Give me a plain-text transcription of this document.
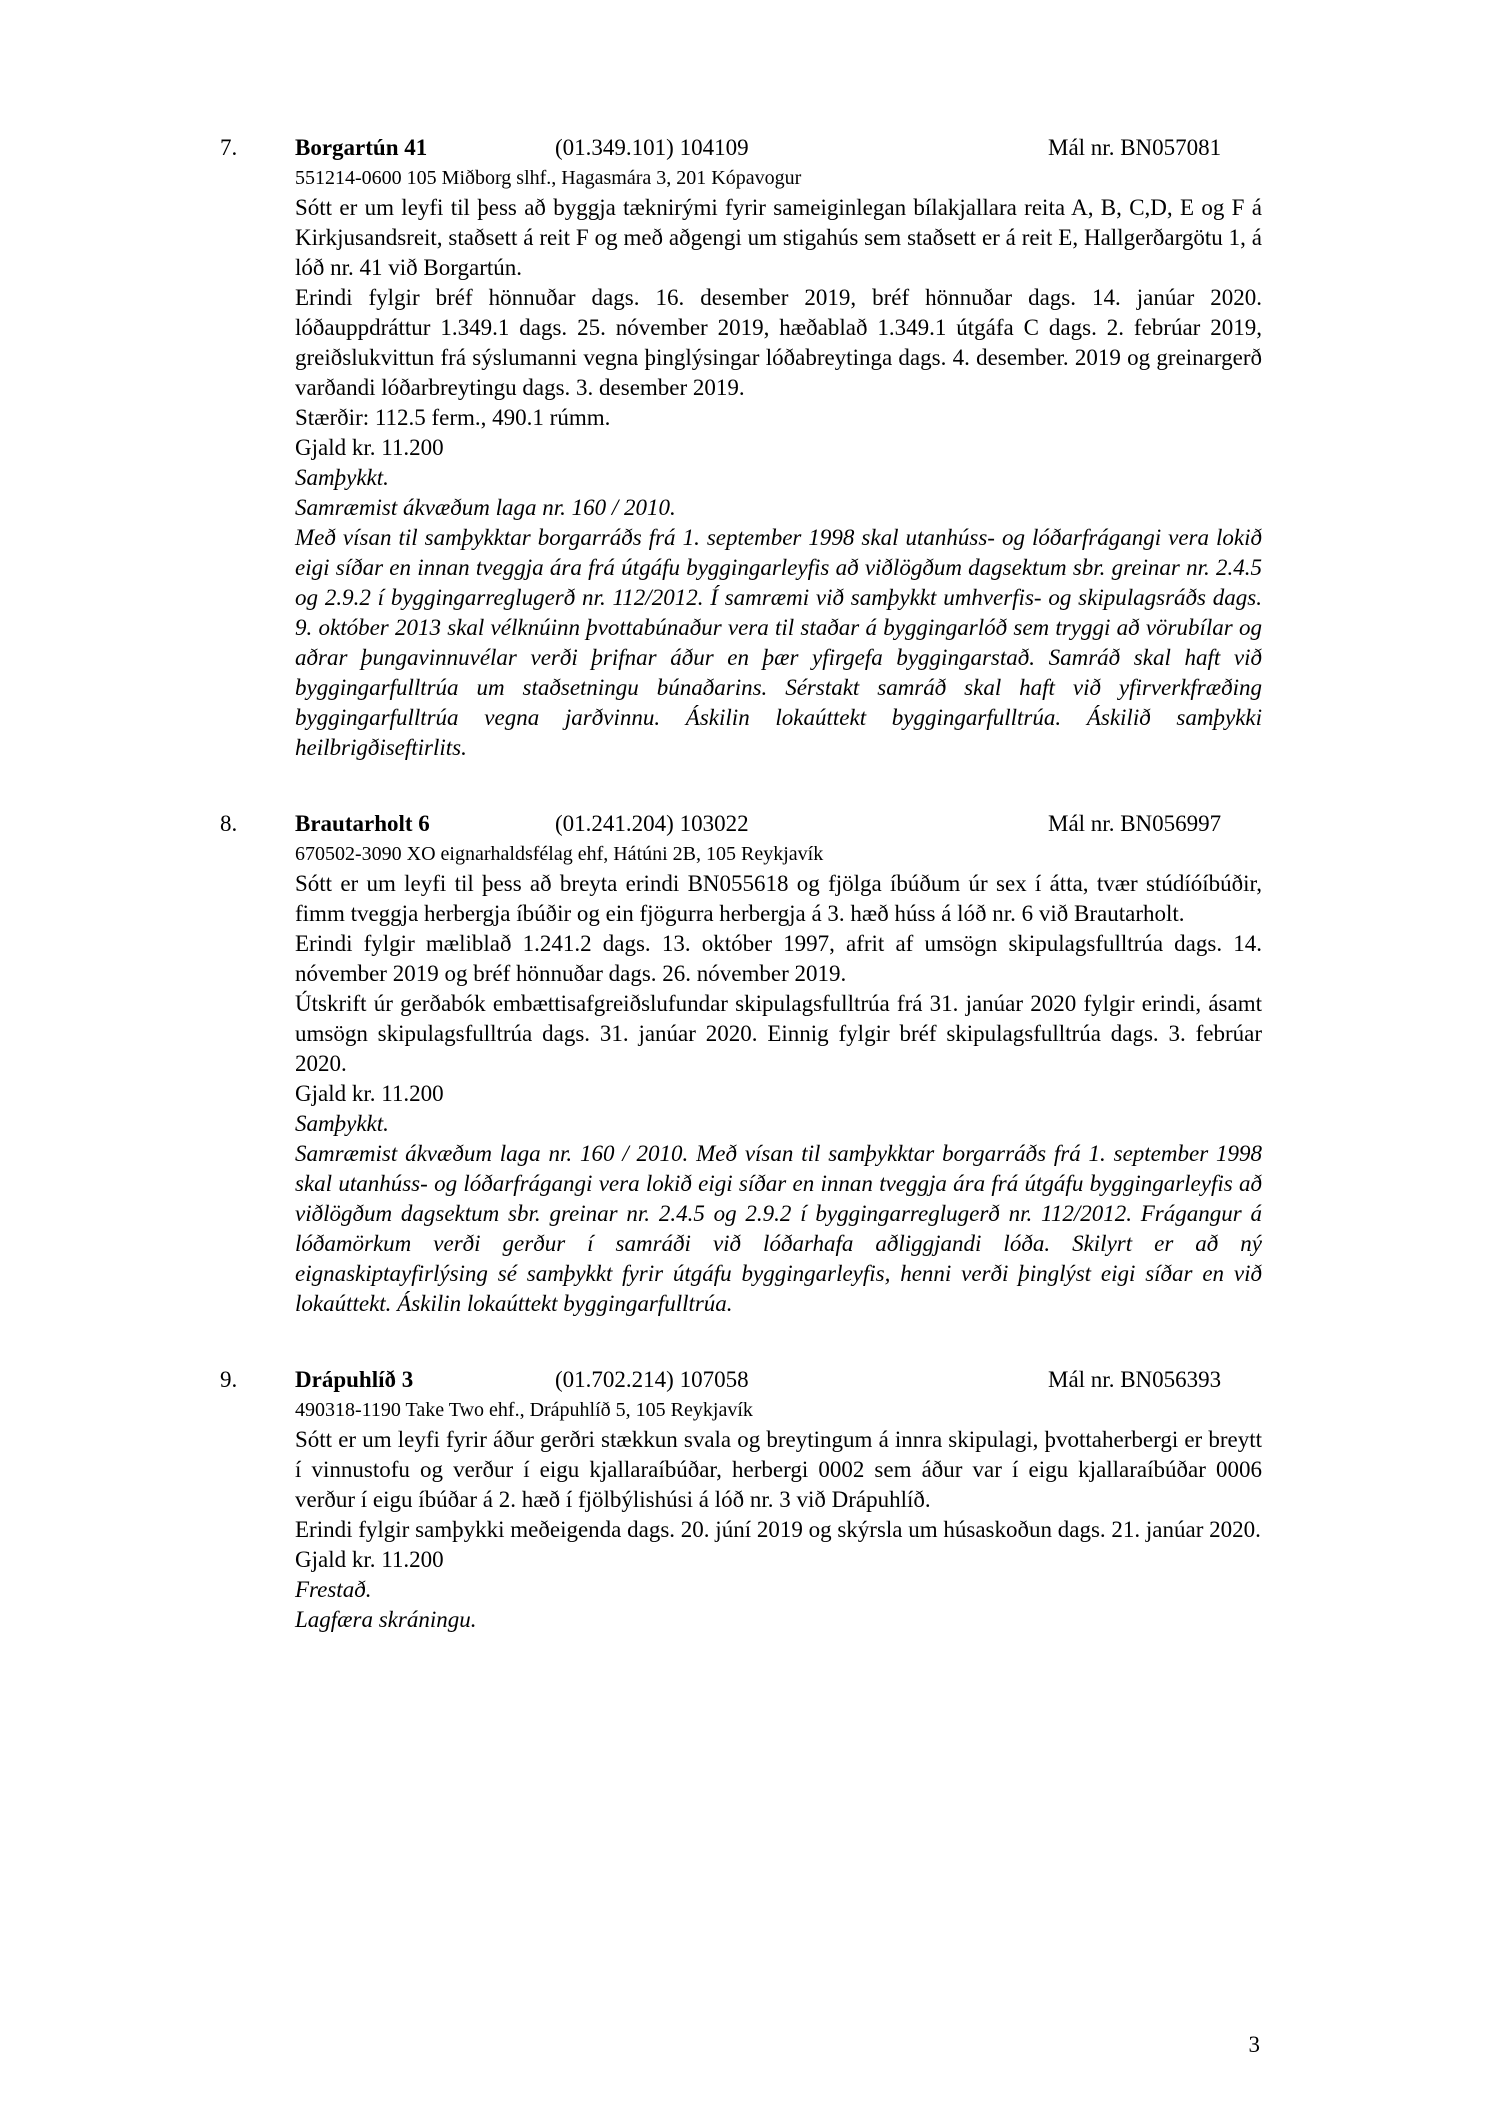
7.	Borgartún 41	(01.349.101) 104109	Mál nr. BN057081
551214-0600 105 Miðborg slhf., Hagasmára 3, 201 Kópavogur

Sótt er um leyfi til þess að byggja tæknirými fyrir sameiginlegan bílakjallara reita A, B, C,D, E og F á Kirkjusandsreit, staðsett á reit F og með aðgengi um stigahús sem staðsett er á reit E, Hallgerðargötu 1, á lóð nr. 41 við Borgartún.

Erindi fylgir bréf hönnuðar dags. 16. desember 2019, bréf hönnuðar dags. 14. janúar 2020. lóðauppdráttur 1.349.1 dags. 25. nóvember 2019, hæðablað 1.349.1 útgáfa C dags. 2. febrúar 2019, greiðslukvittun frá sýslumanni vegna þinglýsingar lóðabreytinga dags. 4. desember. 2019 og greinargerð varðandi lóðarbreytingu dags. 3. desember 2019.

Stærðir: 112.5 ferm., 490.1 rúmm.

Gjald kr. 11.200

Samþykkt.

Samræmist ákvæðum laga nr. 160 / 2010.

Með vísan til samþykktar borgarráðs frá 1. september 1998 skal utanhúss- og lóðarfrágangi vera lokið eigi síðar en innan tveggja ára frá útgáfu byggingarleyfis að viðlögðum dagsektum sbr. greinar nr. 2.4.5 og 2.9.2 í byggingarreglugerð nr. 112/2012. Í samræmi við samþykkt umhverfis- og skipulagsráðs dags. 9. október 2013 skal vélknúinn þvottabúnaður vera til staðar á byggingarlóð sem tryggi að vörubílar og aðrar þungavinnuvélar verði þrifnar áður en þær yfirgefa byggingarstað. Samráð skal haft við byggingarfulltrúa um staðsetningu búnaðarins. Sérstakt samráð skal haft við yfirverkfræðing byggingarfulltrúa vegna jarðvinnu. Áskilin lokaúttekt byggingarfulltrúa. Áskilið samþykki heilbrigðiseftirlits.

8.	Brautarholt 6	(01.241.204) 103022	Mál nr. BN056997
670502-3090 XO eignarhaldsfélag ehf, Hátúni 2B, 105 Reykjavík

Sótt er um leyfi til þess að breyta erindi BN055618 og fjölga íbúðum úr sex í átta, tvær stúdíóíbúðir, fimm tveggja herbergja íbúðir og ein fjögurra herbergja á 3. hæð húss á lóð nr. 6 við Brautarholt.

Erindi fylgir mæliblað 1.241.2 dags. 13. október 1997, afrit af umsögn skipulagsfulltrúa dags. 14. nóvember 2019 og bréf hönnuðar dags. 26. nóvember 2019.

Útskrift úr gerðabók embættisafgreiðslufundar skipulagsfulltrúa frá 31. janúar 2020 fylgir erindi, ásamt umsögn skipulagsfulltrúa dags. 31. janúar 2020. Einnig fylgir bréf skipulagsfulltrúa dags. 3. febrúar 2020.

Gjald kr. 11.200

Samþykkt.

Samræmist ákvæðum laga nr. 160 / 2010. Með vísan til samþykktar borgarráðs frá 1. september 1998 skal utanhúss- og lóðarfrágangi vera lokið eigi síðar en innan tveggja ára frá útgáfu byggingarleyfis að viðlögðum dagsektum sbr. greinar nr. 2.4.5 og 2.9.2 í byggingarreglugerð nr. 112/2012. Frágangur á lóðamörkum verði gerður í samráði við lóðarhafa aðliggjandi lóða. Skilyrt er að ný eignaskiptayfirlýsing sé samþykkt fyrir útgáfu byggingarleyfis, henni verði þinglýst eigi síðar en við lokaúttekt. Áskilin lokaúttekt byggingarfulltrúa.

9.	Drápuhlíð 3	(01.702.214) 107058	Mál nr. BN056393
490318-1190 Take Two ehf., Drápuhlíð 5, 105 Reykjavík

Sótt er um leyfi fyrir áður gerðri stækkun svala og breytingum á innra skipulagi, þvottaherbergi er breytt í vinnustofu og verður í eigu kjallaraíbúðar, herbergi 0002 sem áður var í eigu kjallaraíbúðar 0006 verður í eigu íbúðar á 2. hæð í fjölbýlishúsi á lóð nr. 3 við Drápuhlíð.

Erindi fylgir samþykki meðeigenda dags. 20. júní 2019 og skýrsla um húsaskoðun dags. 21. janúar 2020.

Gjald kr. 11.200

Frestað.

Lagfæra skráningu.

3
